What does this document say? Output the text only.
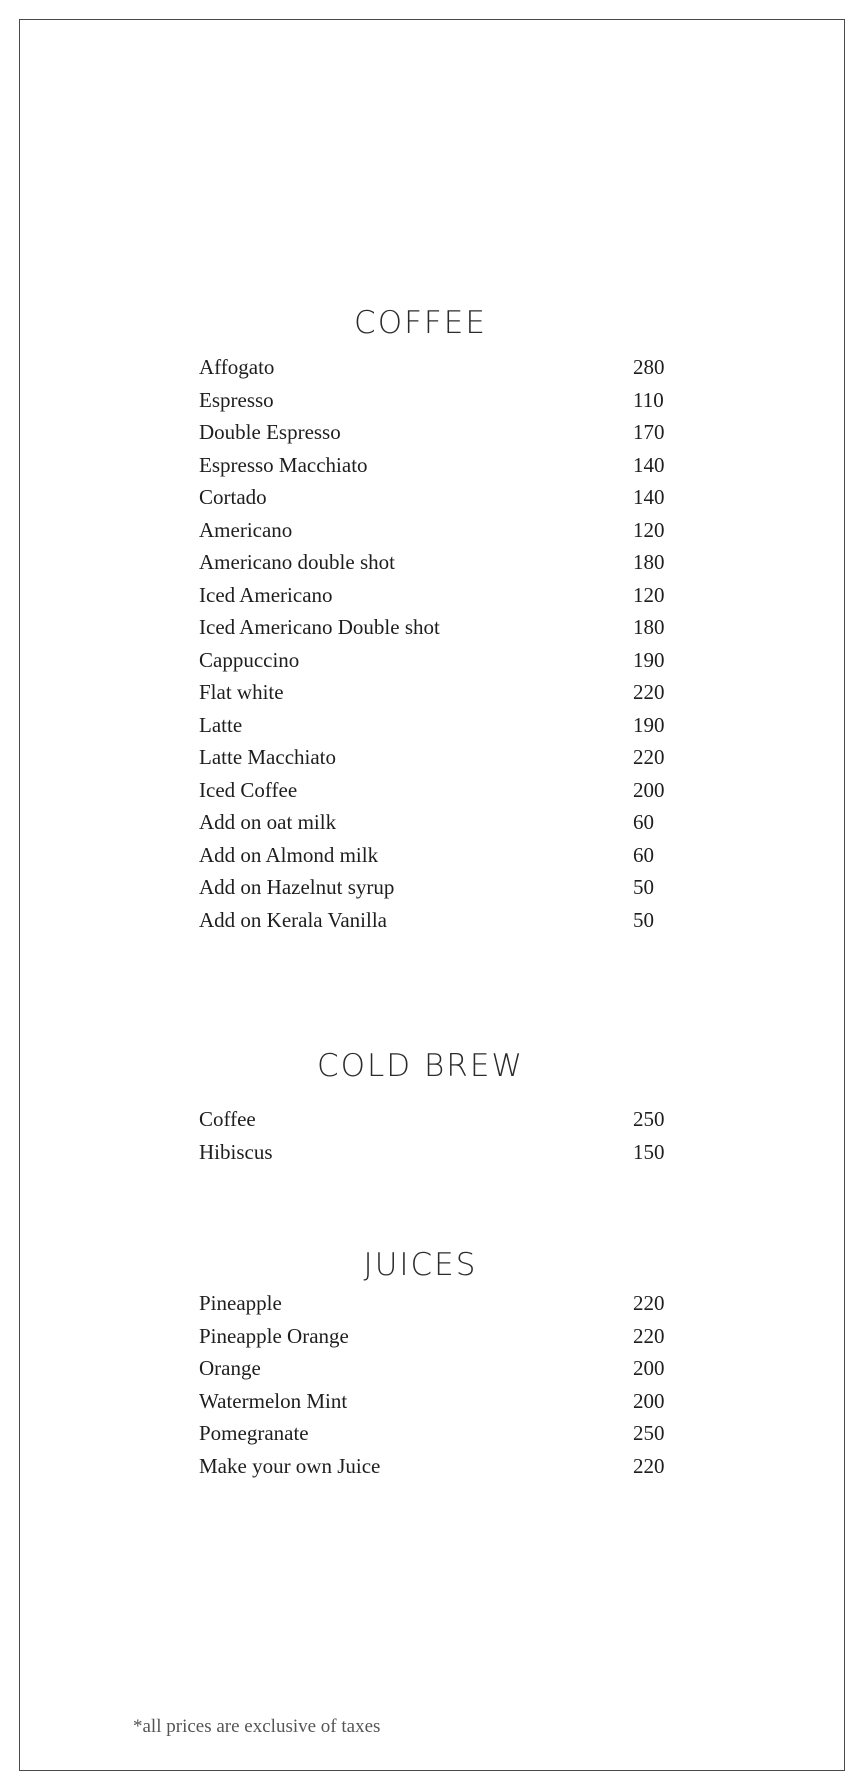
COFFEE
Affogato	280
Espresso	110
Double Espresso	170
Espresso Macchiato	140
Cortado	140
Americano	120
Americano double shot	180
Iced Americano	120
Iced Americano Double shot	180
Cappuccino	190
Flat white	220
Latte	190
Latte Macchiato	220
Iced Coffee	200
Add on oat milk	60
Add on Almond milk	60
Add on Hazelnut syrup	50
Add on Kerala Vanilla	50
COLD BREW
Coffee	250
Hibiscus	150
JUICES
Pineapple	220
Pineapple Orange	220
Orange	200
Watermelon Mint	200
Pomegranate	250
Make your own Juice	220

*all prices are exclusive of taxes
